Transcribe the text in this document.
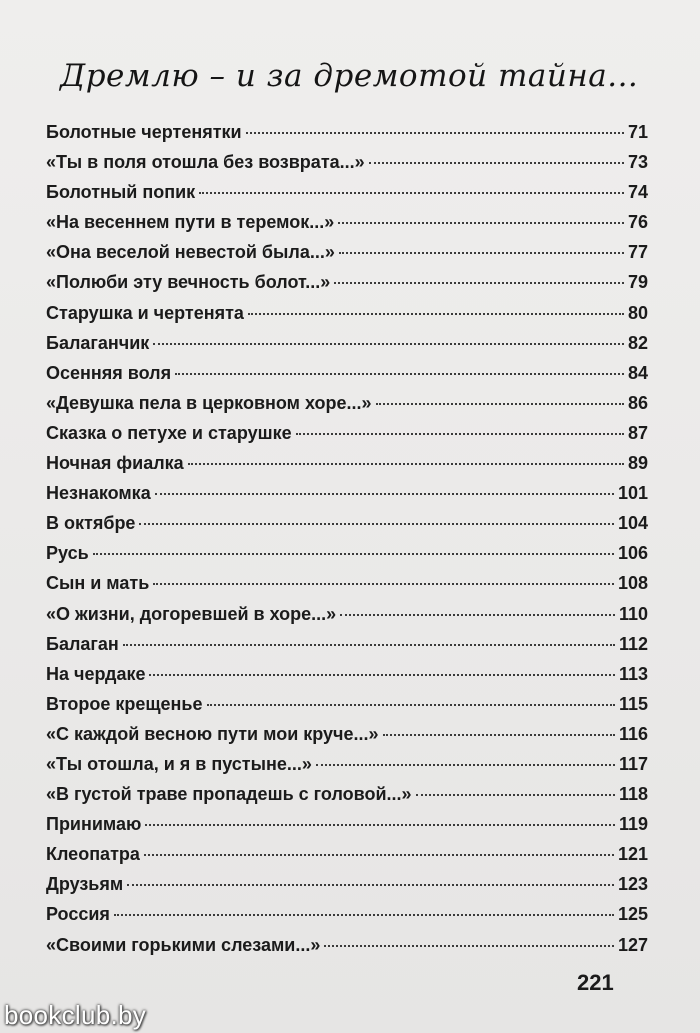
Дремлю – и за дремотой тайна...
Болотные чертенятки	71
«Ты в поля отошла без возврата...»	73
Болотный попик	74
«На весеннем пути в теремок...»	76
«Она веселой невестой была...»	77
«Полюби эту вечность болот...»	79
Старушка и чертенята	80
Балаганчик	82
Осенняя воля	84
«Девушка пела в церковном хоре...»	86
Сказка о петухе и старушке	87
Ночная фиалка	89
Незнакомка	101
В октябре	104
Русь	106
Сын и мать	108
«О жизни, догоревшей в хоре...»	110
Балаган	112
На чердаке	113
Второе крещенье	115
«С каждой весною пути мои круче...»	116
«Ты отошла, и я в пустыне...»	117
«В густой траве пропадешь с головой...»	118
Принимаю	119
Клеопатра	121
Друзьям	123
Россия	125
«Своими горькими слезами...»	127
221
bookclub.by
